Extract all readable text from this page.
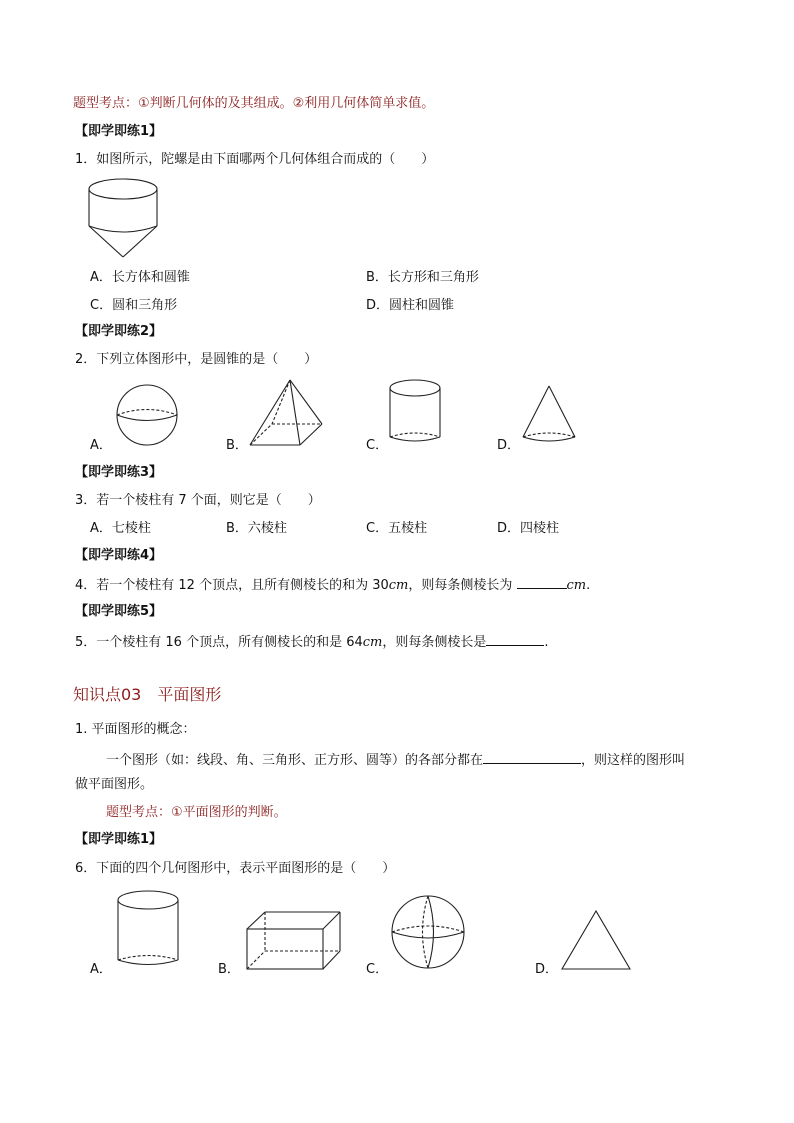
题型考点：①判断几何体的及其组成。②利用几何体简单求值。
【即学即练1】
1．如图所示，陀螺是由下面哪两个几何体组合而成的（　　）
A．长方体和圆锥	B．长方形和三角形
C．圆和三角形	D．圆柱和圆锥
【即学即练2】
2．下列立体图形中，是圆锥的是（　　）
A．	B．	C．	D．
【即学即练3】
3．若一个棱柱有 7 个面，则它是（　　）
A．七棱柱	B．六棱柱	C．五棱柱	D．四棱柱
【即学即练4】
4．若一个棱柱有 12 个顶点，且所有侧棱长的和为 30cm，则每条侧棱长为	cm.
【即学即练5】
5．一个棱柱有 16 个顶点，所有侧棱长的和是 64cm，则每条侧棱长是	.
知识点03　平面图形
1. 平面图形的概念：
一个图形（如：线段、角、三角形、正方形、圆等）的各部分都在	，则这样的图形叫
做平面图形。
题型考点：①平面图形的判断。
【即学即练1】
6．下面的四个几何图形中，表示平面图形的是（　　）
A．	B．	C．	D．
